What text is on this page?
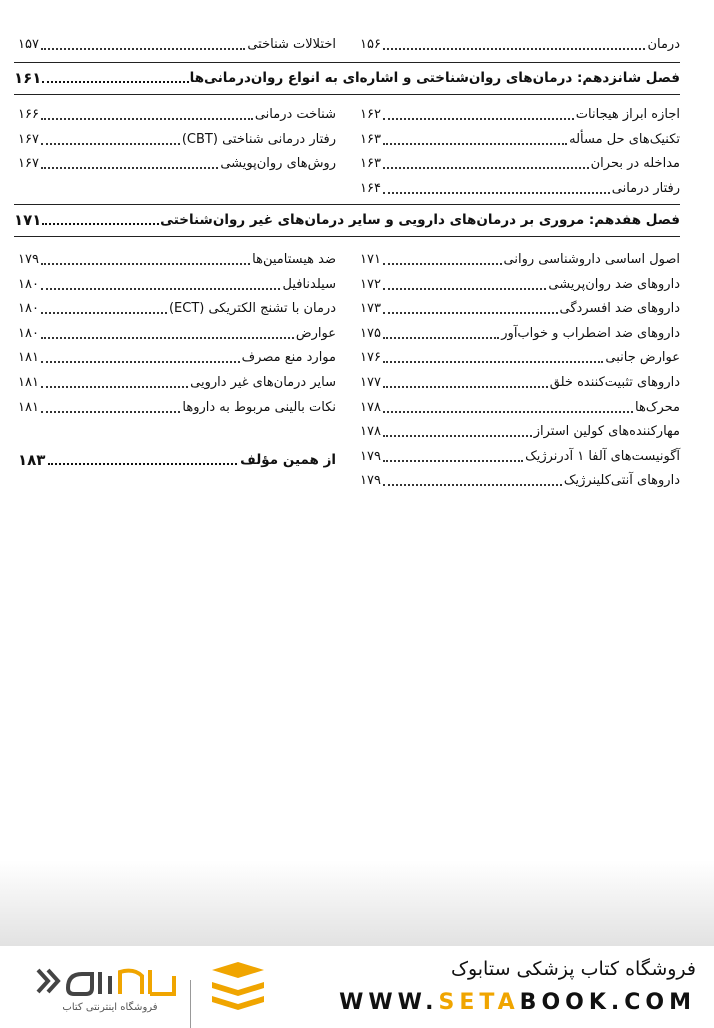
درمان
۱۵۶
اختلالات شناختی
۱۵۷
فصل شانزدهم: درمان‌های روان‌شناختی و اشاره‌ای به انواع روان‌درمانی‌ها
۱۶۱
اجازه ابراز هیجانات
۱۶۲
تکنیک‌های حل مسأله
۱۶۳
مداخله در بحران
۱۶۳
رفتار درمانی
۱۶۴
شناخت درمانی
۱۶۶
رفتار درمانی شناختی (CBT)
۱۶۷
روش‌های روان‌پویشی
۱۶۷
فصل هفدهم: مروری بر درمان‌های دارویی و سایر درمان‌های غیر روان‌شناختی
۱۷۱
اصول اساسی داروشناسی روانی
۱۷۱
داروهای ضد روان‌پریشی
۱۷۲
داروهای ضد افسردگی
۱۷۳
داروهای ضد اضطراب و خواب‌آور
۱۷۵
عوارض جانبی
۱۷۶
داروهای تثبیت‌کننده خلق
۱۷۷
محرک‌ها
۱۷۸
مهارکننده‌های کولین استراز
۱۷۸
آگونیست‌های آلفا ۱ آدرنرژیک
۱۷۹
داروهای آنتی‌کلینرژیک
۱۷۹
ضد هیستامین‌ها
۱۷۹
سیلدنافیل
۱۸۰
درمان با تشنج الکتریکی (ECT)
۱۸۰
عوارض
۱۸۰
موارد منع مصرف
۱۸۱
سایر درمان‌های غیر دارویی
۱۸۱
نکات بالینی مربوط به داروها
۱۸۱
از همین مؤلف
۱۸۳
فروشگاه اینترنتی کتاب
فروشگاه کتاب پزشکی ستابوک
WWW.SETABOOK.COM
